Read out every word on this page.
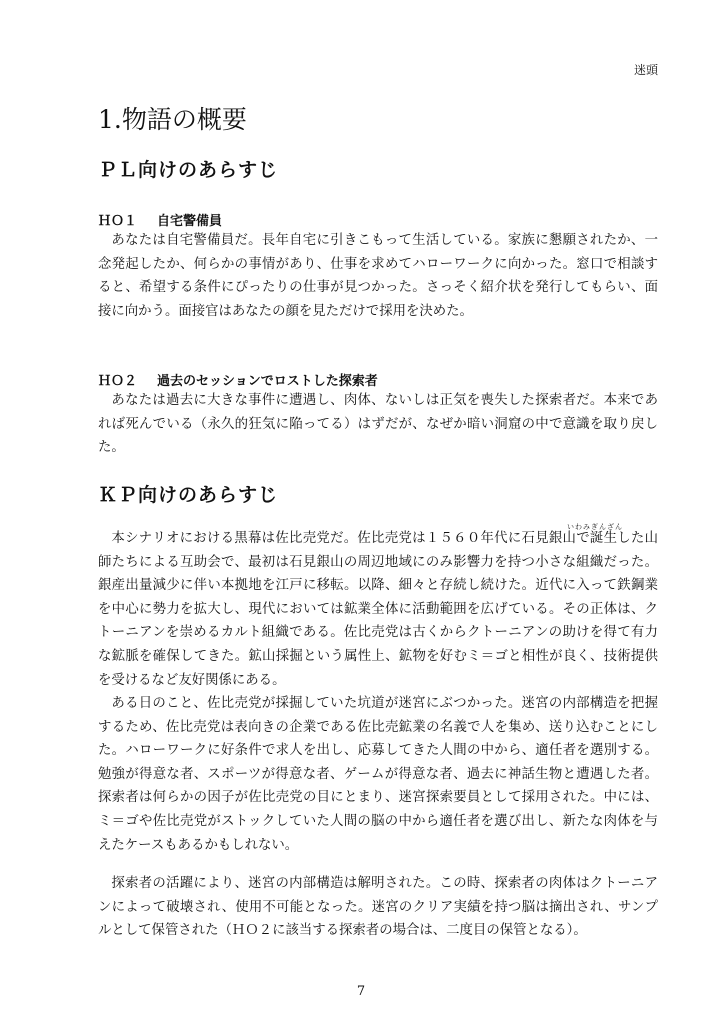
迷頭
1.物語の概要
ＰＬ向けのあらすじ
ＨＯ１ 自宅警備員

あなたは自宅警備員だ。長年自宅に引きこもって生活している。家族に懇願されたか、一念発起したか、何らかの事情があり、仕事を求めてハローワークに向かった。窓口で相談すると、希望する条件にぴったりの仕事が見つかった。さっそく紹介状を発行してもらい、面接に向かう。面接官はあなたの顔を見ただけで採用を決めた。

ＨＯ２ 過去のセッションでロストした探索者

あなたは過去に大きな事件に遭遇し、肉体、ないしは正気を喪失した探索者だ。本来であれば死んでいる（永久的狂気に陥ってる）はずだが、なぜか暗い洞窟の中で意識を取り戻した。

ＫＰ向けのあらすじ
いわみぎんざん

本シナリオにおける黒幕は佐比売党だ。佐比売党は１５６０年代に石見銀山で誕生した山師たちによる互助会で、最初は石見銀山の周辺地域にのみ影響力を持つ小さな組織だった。銀産出量減少に伴い本拠地を江戸に移転。以降、細々と存続し続けた。近代に入って鉄鋼業を中心に勢力を拡大し、現代においては鉱業全体に活動範囲を広げている。その正体は、クトーニアンを崇めるカルト組織である。佐比売党は古くからクトーニアンの助けを得て有力な鉱脈を確保してきた。鉱山採掘という属性上、鉱物を好むミ＝ゴと相性が良く、技術提供を受けるなど友好関係にある。

ある日のこと、佐比売党が採掘していた坑道が迷宮にぶつかった。迷宮の内部構造を把握するため、佐比売党は表向きの企業である佐比売鉱業の名義で人を集め、送り込むことにした。ハローワークに好条件で求人を出し、応募してきた人間の中から、適任者を選別する。勉強が得意な者、スポーツが得意な者、ゲームが得意な者、過去に神話生物と遭遇した者。探索者は何らかの因子が佐比売党の目にとまり、迷宮探索要員として採用された。中には、ミ＝ゴや佐比売党がストックしていた人間の脳の中から適任者を選び出し、新たな肉体を与えたケースもあるかもしれない。

探索者の活躍により、迷宮の内部構造は解明された。この時、探索者の肉体はクトーニアンによって破壊され、使用不可能となった。迷宮のクリア実績を持つ脳は摘出され、サンプルとして保管された（ＨＯ２に該当する探索者の場合は、二度目の保管となる）。

7
